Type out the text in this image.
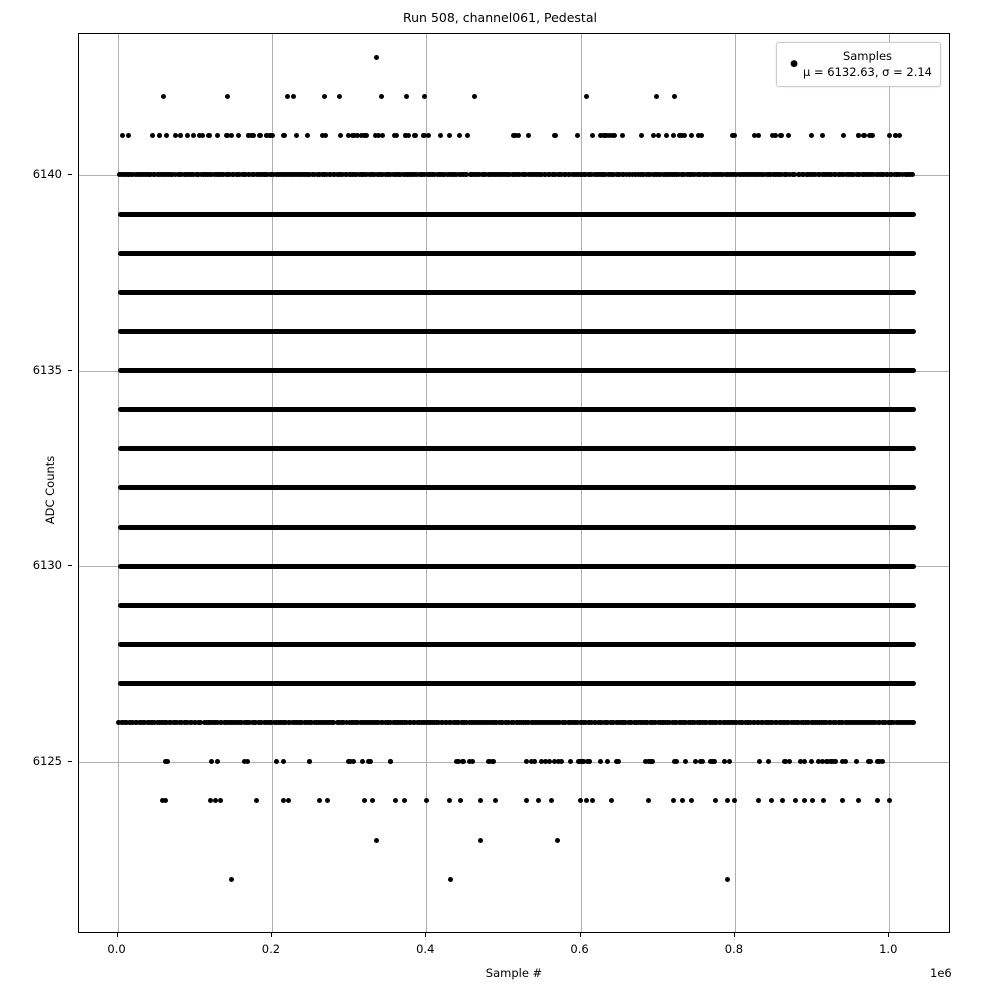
Run 508, channel061, Pedestal
ADC Counts
6125
6130
6135
6140
0.0	0.2	0.4	0.6	0.8	1.0
Sample #	1e6
●
Samples
μ = 6132.63, σ = 2.14
